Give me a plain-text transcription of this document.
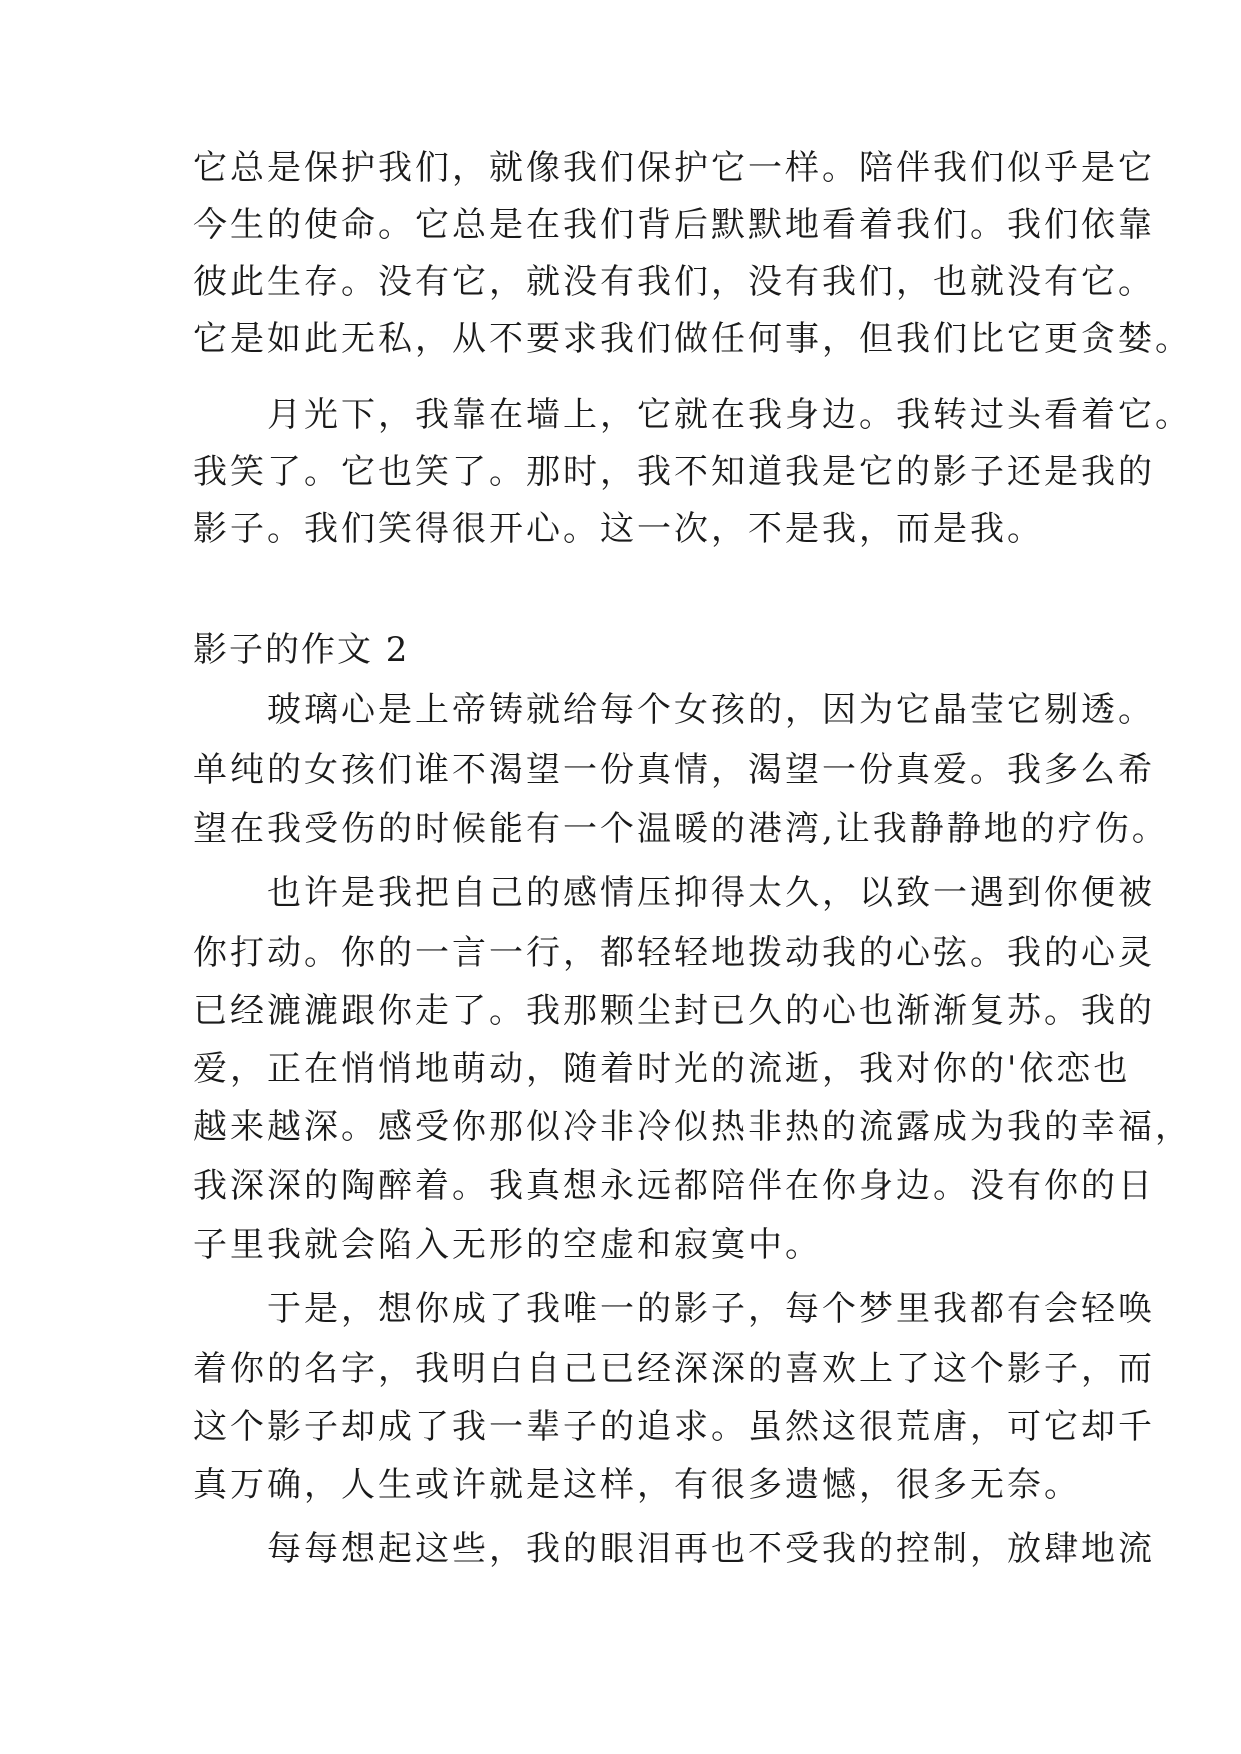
它总是保护我们，就像我们保护它一样。陪伴我们似乎是它
今生的使命。它总是在我们背后默默地看着我们。我们依靠
彼此生存。没有它，就没有我们，没有我们，也就没有它。
它是如此无私，从不要求我们做任何事，但我们比它更贪婪。
　　月光下，我靠在墙上，它就在我身边。我转过头看着它。
我笑了。它也笑了。那时，我不知道我是它的影子还是我的
影子。我们笑得很开心。这一次，不是我，而是我。
影子的作文 2
　　玻璃心是上帝铸就给每个女孩的，因为它晶莹它剔透。
单纯的女孩们谁不渴望一份真情，渴望一份真爱。我多么希
望在我受伤的时候能有一个温暖的港湾,让我静静地的疗伤。
　　也许是我把自己的感情压抑得太久，以致一遇到你便被
你打动。你的一言一行，都轻轻地拨动我的心弦。我的心灵
已经漉漉跟你走了。我那颗尘封已久的心也渐渐复苏。我的
爱，正在悄悄地萌动，随着时光的流逝，我对你的'依恋也
越来越深。感受你那似冷非冷似热非热的流露成为我的幸福，
我深深的陶醉着。我真想永远都陪伴在你身边。没有你的日
子里我就会陷入无形的空虚和寂寞中。
　　于是，想你成了我唯一的影子，每个梦里我都有会轻唤
着你的名字，我明白自己已经深深的喜欢上了这个影子，而
这个影子却成了我一辈子的追求。虽然这很荒唐，可它却千
真万确，人生或许就是这样，有很多遗憾，很多无奈。
　　每每想起这些，我的眼泪再也不受我的控制，放肆地流
